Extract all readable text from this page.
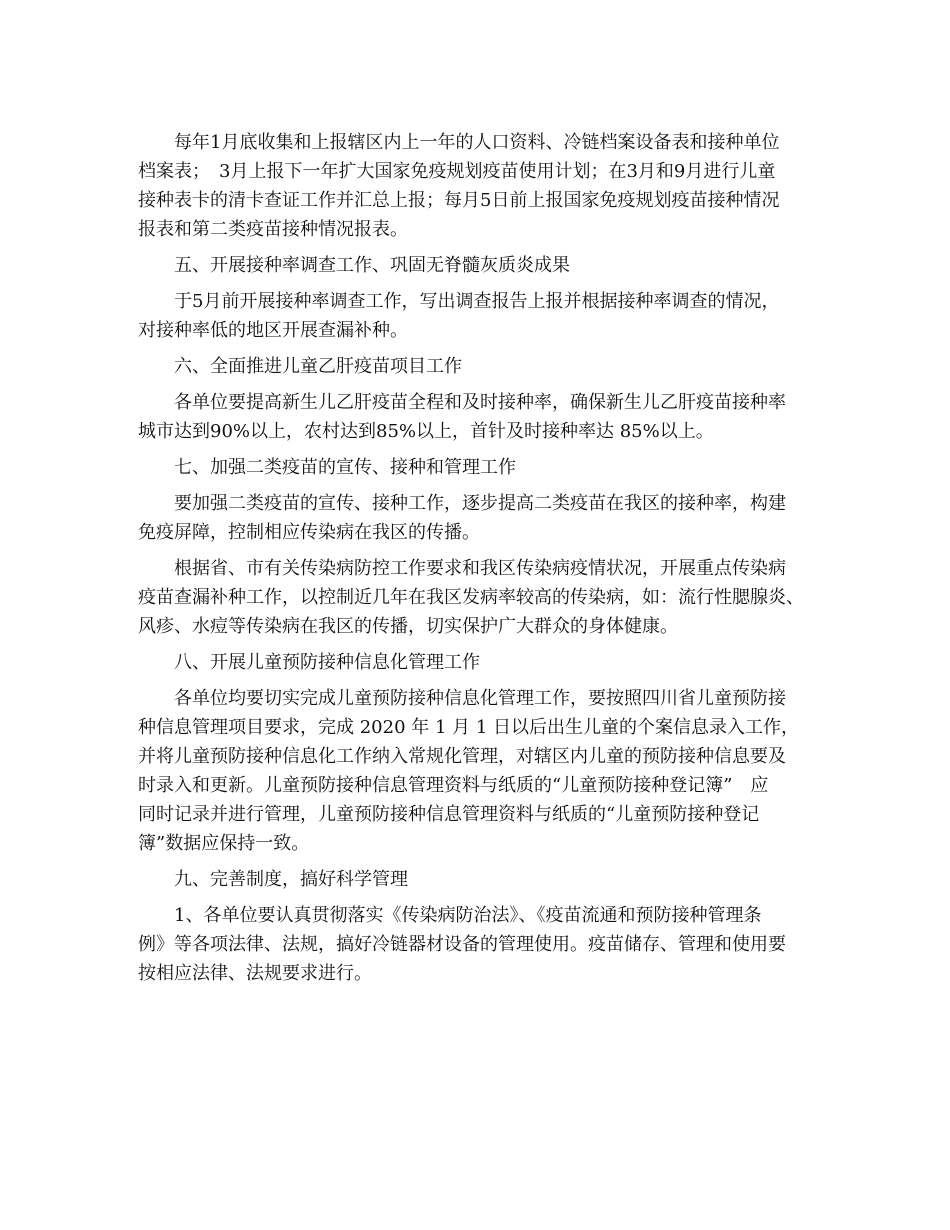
每年1月底收集和上报辖区内上一年的人口资料、冷链档案设备表和接种单位
档案表；　3月上报下一年扩大国家免疫规划疫苗使用计划；在3月和9月进行儿童
接种表卡的清卡查证工作并汇总上报；每月5日前上报国家免疫规划疫苗接种情况
报表和第二类疫苗接种情况报表。

五、开展接种率调查工作、巩固无脊髓灰质炎成果

于5月前开展接种率调查工作，写出调查报告上报并根据接种率调查的情况，
对接种率低的地区开展查漏补种。

六、全面推进儿童乙肝疫苗项目工作

各单位要提高新生儿乙肝疫苗全程和及时接种率，确保新生儿乙肝疫苗接种率
城市达到90%以上，农村达到85%以上，首针及时接种率达 85%以上。

七、加强二类疫苗的宣传、接种和管理工作

要加强二类疫苗的宣传、接种工作，逐步提高二类疫苗在我区的接种率，构建
免疫屏障，控制相应传染病在我区的传播。

根据省、市有关传染病防控工作要求和我区传染病疫情状况，开展重点传染病
疫苗查漏补种工作，以控制近几年在我区发病率较高的传染病，如：流行性腮腺炎、
风疹、水痘等传染病在我区的传播，切实保护广大群众的身体健康。

八、开展儿童预防接种信息化管理工作

各单位均要切实完成儿童预防接种信息化管理工作，要按照四川省儿童预防接
种信息管理项目要求，完成 2020 年 1 月 1 日以后出生儿童的个案信息录入工作，
并将儿童预防接种信息化工作纳入常规化管理，对辖区内儿童的预防接种信息要及
时录入和更新。儿童预防接种信息管理资料与纸质的“儿童预防接种登记簿”　应
同时记录并进行管理，儿童预防接种信息管理资料与纸质的“儿童预防接种登记
簿”数据应保持一致。

九、完善制度，搞好科学管理

1、各单位要认真贯彻落实《传染病防治法》、《疫苗流通和预防接种管理条
例》等各项法律、法规，搞好冷链器材设备的管理使用。疫苗储存、管理和使用要
按相应法律、法规要求进行。
